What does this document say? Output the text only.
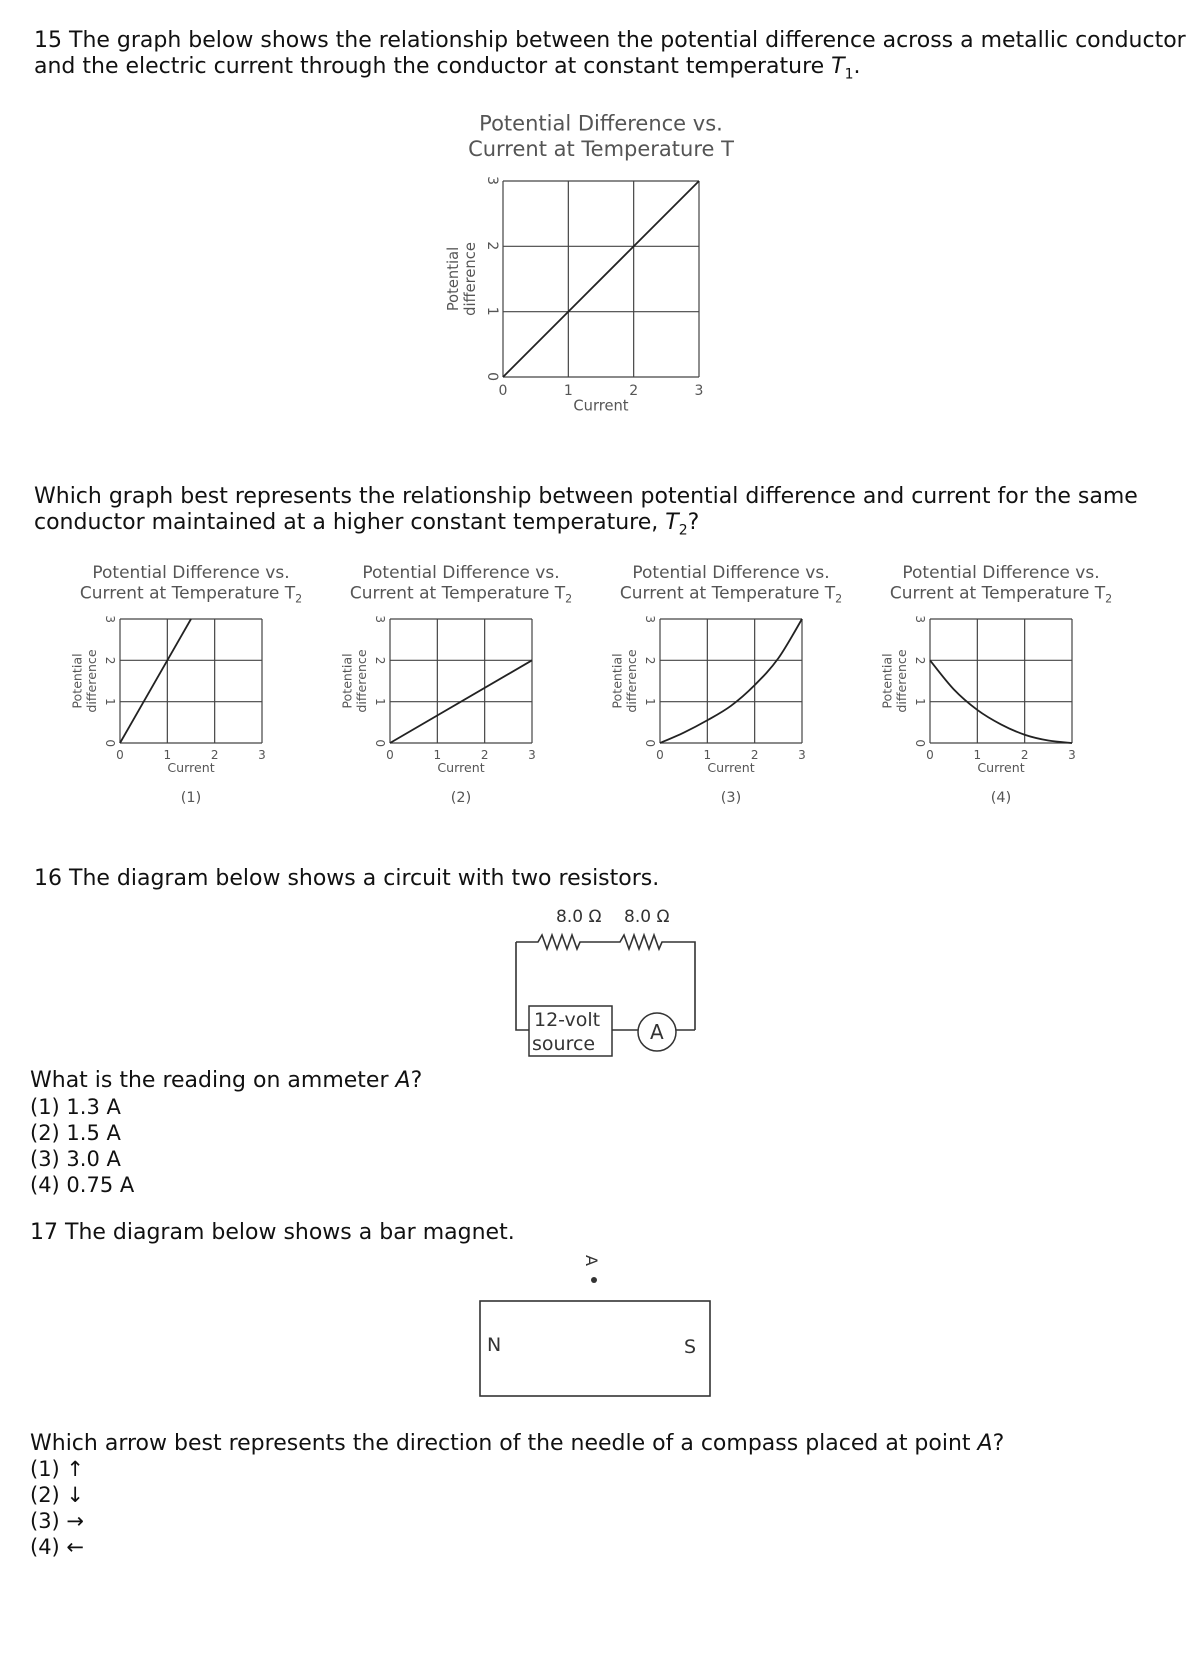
15 The graph below shows the relationship between the potential difference across a metallic conductor

and the electric current through the conductor at constant temperature $T_1$.

Potential Difference vs.
Current at Temperature T
0	1	2	3
0
1
2
3
Current
Potential difference

Which graph best represents the relationship between potential difference and current for the same

conductor maintained at a higher constant temperature, $T_2$?

Potential Difference vs.
Current at Temperature $T_2$
0	1	2	3
0
1
2
3
Current
Potential difference
(1)
Potential Difference vs.
Current at Temperature $T_2$
0	1	2	3
0
1
2
3
Current
Potential difference
(2)
Potential Difference vs.
Current at Temperature $T_2$
0	1	2	3
0
1
2
3
Current
Potential difference
(3)
Potential Difference vs.
Current at Temperature $T_2$
0	1	2	3
0
1
2
3
Current
Potential difference
(4)

16 The diagram below shows a circuit with two resistors.

8.0 Ω 8.0 Ω
12-volt
source	A

What is the reading on ammeter A?

(1) 1.3 A
(2) 1.5 A
(3) 3.0 A
(4) 0.75 A

17 The diagram below shows a bar magnet.

A
N	S

Which arrow best represents the direction of the needle of a compass placed at point A?

(1) ↑
(2) ↓
(3) →
(4) ←
